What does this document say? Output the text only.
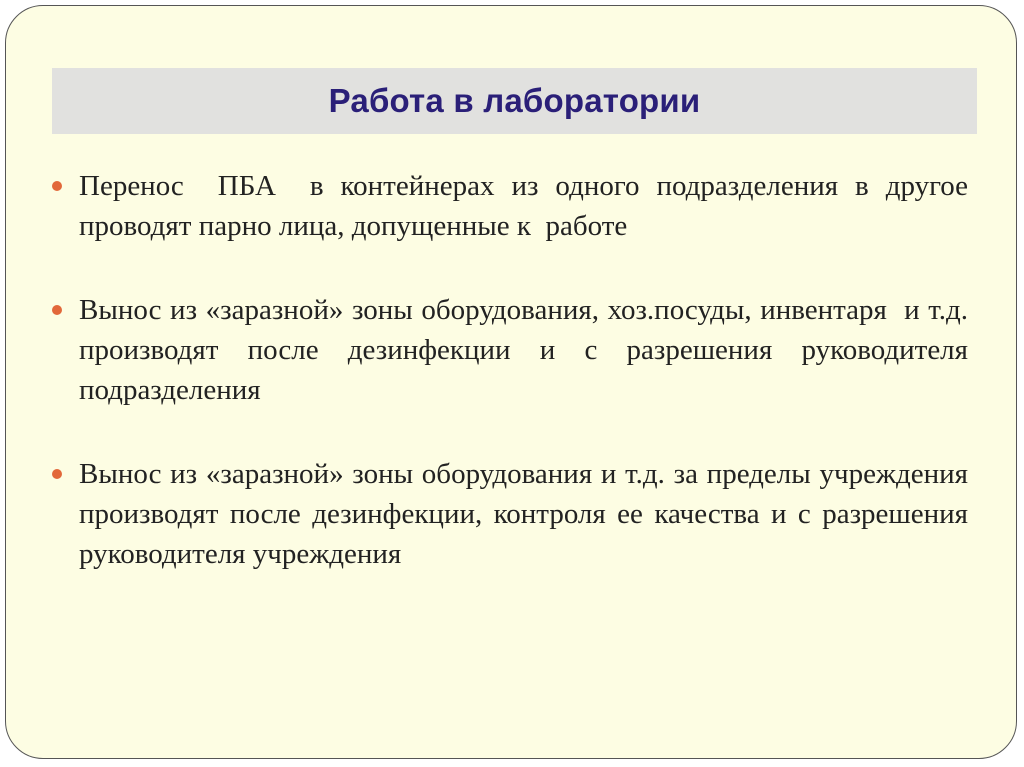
Работа в лаборатории
Перенос  ПБА  в контейнерах из одного подразделения в другое проводят парно лица, допущенные к  работе
Вынос из «заразной» зоны оборудования, хоз.посуды, инвентаря  и т.д. производят после дезинфекции и с разрешения руководителя подразделения
Вынос из «заразной» зоны оборудования и т.д. за пределы учреждения производят после дезинфекции, контроля ее качества и с разрешения руководителя учреждения
